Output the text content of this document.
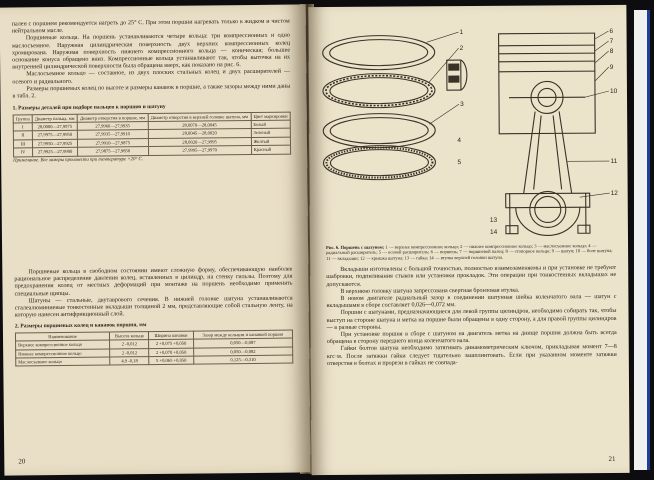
пален с поршнем рекомендуется нагреть до 25° С. При этом поршни нагревать только в жидком и чистом нейтральном масле.

Поршневые кольца. На поршень устанавливаются четыре кольца: три компрессионных и одно маслосъемное. Наружная цилиндрическая поверхность двух верхних компрессионных колец хромирована. Наружная поверхность нижнего компрессионного кольца — коническая; большее основание конуса обращено вниз. Компрессионные кольца устанавливают так, чтобы выточка на их внутренней цилиндрической поверхности была обращена вверх, как показано на рис. 6.

Маслосъемное кольцо — составное, из двух плоских стальных колец и двух расширителей — осевого и радиального.

Размеры поршневых колец по высоте и размеры канавок в поршне, а также зазоры между ними даны в табл. 2.

1. Размеры деталей при подборе пальцев к поршню и шатуну

Группа	Диаметр пальца, мм	Диаметр отверстия в поршне, мм	Диаметр отверстия в верхней головке шатуна, мм	Цвет маркировки
I	28,0000—27,9975	27,9960—27,9935	28,0070—28,0045	Белый
II	27,9975—27,9950	27,9935—27,9910	28,0045—28,0020	Зеленый
III	27,9950—27,9925	27,9910—27,9875	28,0020—27,9995	Желтый
IV	27,9925—27,9900	27,9875—27,9850	27,9995—27,9970	Красный

Примечание. Все замеры произвести при температуре +20° С.

Поршневые кольца в свободном состоянии имеют сложную форму, обеспечивающую наиболее рациональное распределение давления колец, вставленных в цилиндр, на стенку гильзы. Поэтому для предохранения колец от местных деформаций при монтаже на поршень необходимо применять специальные щипцы.

Шатуны — стальные, двутаврового сечения. В нижней головке шатуна устанавливаются сталеалюминиевые тонкостенные вкладыши толщиной 2 мм, представляющие собой стальную ленту, на которую нанесен антифрикционный слой.

2. Размеры поршневых колец и канавок поршня, мм

Наименование	Высота кольца	Ширина канавки	Зазор между кольцом и канавкой поршня
Верхнее компрессионное кольцо	2 -0,012	2 +0,075 +0,050	0,050—0,087
Нижнее компрессионное кольцо	2 -0,012	2 +0,070 +0,050	0,050—0,082
Маслосъемное кольцо	4,9 -0,18	5 +0,065 +0,050	0,125—0,310
20
1
2
3
4
5
6
7
8
9
10
11
12
13
14

Рис. 6. Поршень с шатуном: 1 — верхнее компрессионное кольцо; 2 — нижнее компрессионное кольцо; 3 — маслосъемное кольцо; 4 — радиальный расширитель; 5 — осевой расширитель; 6 — поршень; 7 — поршневой палец; 8 — стопорное кольцо; 9 — шатун; 10 — болт шатуна; 11 — вкладыши; 12 — крышка шатуна; 13 — гайка; 14 — втулка верхней головки шатуна.

Вкладыши изготовлены с большой точностью, полностью взаимозаменяемы и при установке не требуют шабровки, подпиливания стыков или установки прокладок. Эти операции при тонкостенных вкладышах не допускаются.

В верхнюю головку шатуна запрессована свертная бронзовая втулка.

В новом двигателе радиальный зазор в соединении шатунная шейка коленчатого вала — шатун с вкладышами в сборе составляет 0,026—0,072 мм.

Поршни с шатунами, предназначающиеся для левой группы цилиндров, необходимо собирать так, чтобы выступ на стороне шатуна и метка на поршне были обращены в одну сторону, а для правой группы цилиндров — в разные стороны.

При установке поршня в сборе с шатуном на двигатель метка на днище поршня должна быть всегда обращена в сторону переднего конца коленчатого вала.

Гайки болтов шатуна необходимо затягивать динамометрическим ключом, прикладывая момент 7—8 кгс·м. После затяжки гайки следует тщательно зашплинтовать. Если при указанном моменте затяжки отверстия в болтах и прорези в гайках не совпада-

21
